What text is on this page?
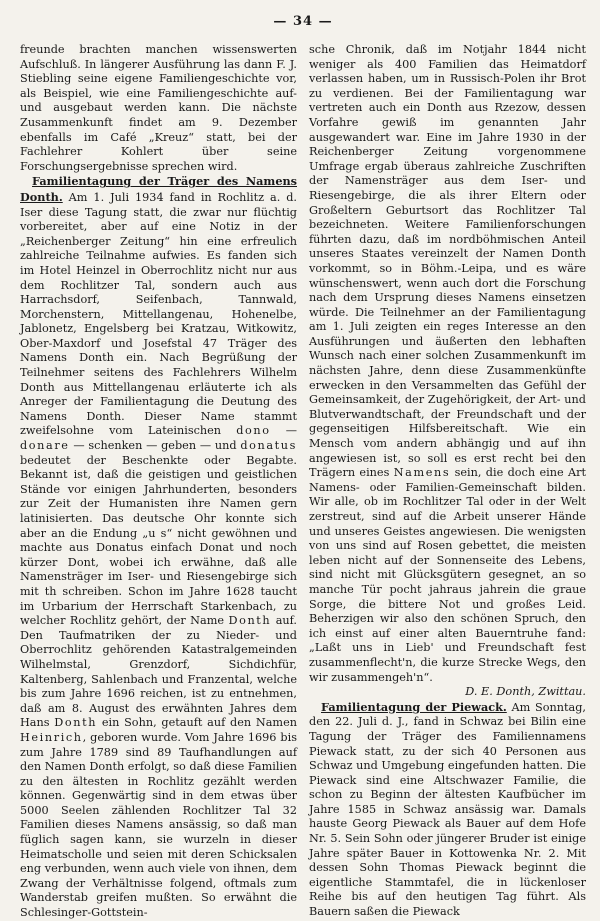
— 34 —

freunde brachten manchen wissenswerten Aufschluß. In längerer Ausführung las dann F. J. Stiebling seine eigene Familiengeschichte vor, als Beispiel, wie eine Familiengeschichte auf- und ausgebaut werden kann. Die nächste Zusammenkunft findet am 9. Dezember ebenfalls im Café „Kreuz“ statt, bei der Fachlehrer Kohlert über seine Forschungsergebnisse sprechen wird.

Familientagung der Träger des Namens Donth. Am 1. Juli 1934 fand in Rochlitz a. d. Iser diese Tagung statt, die zwar nur flüchtig vorbereitet, aber auf eine Notiz in der „Reichenberger Zeitung“ hin eine erfreulich zahlreiche Teilnahme aufwies. Es fanden sich im Hotel Heinzel in Oberrochlitz nicht nur aus dem Rochlitzer Tal, sondern auch aus Harrachsdorf, Seifenbach, Tannwald, Morchenstern, Mittellangenau, Hohenelbe, Jablonetz, Engelsberg bei Kratzau, Witkowitz, Ober-Maxdorf und Josefstal 47 Träger des Namens Donth ein. Nach Begrüßung der Teilnehmer seitens des Fachlehrers Wilhelm Donth aus Mittellangenau erläuterte ich als Anreger der Familientagung die Deutung des Namens Donth. Dieser Name stammt zweifelsohne vom Lateinischen dono — donare — schenken — geben — und donatus bedeutet der Beschenkte oder Begabte. Bekannt ist, daß die geistigen und geistlichen Stände vor einigen Jahrhunderten, besonders zur Zeit der Humanisten ihre Namen gern latinisierten. Das deutsche Ohr konnte sich aber an die Endung „u s“ nicht gewöhnen und machte aus Donatus einfach Donat und noch kürzer Dont, wobei ich erwähne, daß alle Namensträger im Iser- und Riesengebirge sich mit th schreiben. Schon im Jahre 1628 taucht im Urbarium der Herrschaft Starkenbach, zu welcher Rochlitz gehört, der Name Donth auf. Den Taufmatriken der zu Nieder- und Oberrochlitz gehörenden Katastralgemeinden Wilhelmstal, Grenzdorf, Sichdichfür, Kaltenberg, Sahlenbach und Franzental, welche bis zum Jahre 1696 reichen, ist zu entnehmen, daß am 8. August des erwähnten Jahres dem Hans Donth ein Sohn, getauft auf den Namen Heinrich, geboren wurde. Vom Jahre 1696 bis zum Jahre 1789 sind 89 Taufhandlungen auf den Namen Donth erfolgt, so daß diese Familien zu den ältesten in Rochlitz gezählt werden können. Gegenwärtig sind in dem etwas über 5000 Seelen zählenden Rochlitzer Tal 32 Familien dieses Namens ansässig, so daß man füglich sagen kann, sie wurzeln in dieser Heimatscholle und seien mit deren Schicksalen eng verbunden, wenn auch viele von ihnen, dem Zwang der Verhältnisse folgend, oftmals zum Wanderstab greifen mußten. So erwähnt die Schlesinger-Gottstein-

sche Chronik, daß im Notjahr 1844 nicht weniger als 400 Familien das Heimatdorf verlassen haben, um in Russisch-Polen ihr Brot zu verdienen. Bei der Familientagung war vertreten auch ein Donth aus Rzezow, dessen Vorfahre gewiß im genannten Jahr ausgewandert war. Eine im Jahre 1930 in der Reichenberger Zeitung vorgenommene Umfrage ergab überaus zahlreiche Zuschriften der Namensträger aus dem Iser- und Riesengebirge, die als ihrer Eltern oder Großeltern Geburtsort das Rochlitzer Tal bezeichneten. Weitere Familienforschungen führten dazu, daß im nordböhmischen Anteil unseres Staates vereinzelt der Namen Donth vorkommt, so in Böhm.-Leipa, und es wäre wünschenswert, wenn auch dort die Forschung nach dem Ursprung dieses Namens einsetzen würde. Die Teilnehmer an der Familientagung am 1. Juli zeigten ein reges Interesse an den Ausführungen und äußerten den lebhaften Wunsch nach einer solchen Zusammenkunft im nächsten Jahre, denn diese Zusammenkünfte erwecken in den Versammelten das Gefühl der Gemeinsamkeit, der Zugehörigkeit, der Art- und Blutverwandtschaft, der Freundschaft und der gegenseitigen Hilfsbereitschaft. Wie ein Mensch vom andern abhängig und auf ihn angewiesen ist, so soll es erst recht bei den Trägern eines Namens sein, die doch eine Art Namens- oder Familien-Gemeinschaft bilden. Wir alle, ob im Rochlitzer Tal oder in der Welt zerstreut, sind auf die Arbeit unserer Hände und unseres Geistes angewiesen. Die wenigsten von uns sind auf Rosen gebettet, die meisten leben nicht auf der Sonnenseite des Lebens, sind nicht mit Glücksgütern gesegnet, an so manche Tür pocht jahraus jahrein die graue Sorge, die bittere Not und großes Leid. Beherzigen wir also den schönen Spruch, den ich einst auf einer alten Bauerntruhe fand: „Laßt uns in Lieb' und Freundschaft fest zusammenflecht'n, die kurze Strecke Wegs, den wir zusammengeh'n“.

D. E. Donth, Zwittau.

Familientagung der Piewack. Am Sonntag, den 22. Juli d. J., fand in Schwaz bei Bilin eine Tagung der Träger des Familiennamens Piewack statt, zu der sich 40 Personen aus Schwaz und Umgebung eingefunden hatten. Die Piewack sind eine Altschwazer Familie, die schon zu Beginn der ältesten Kaufbücher im Jahre 1585 in Schwaz ansässig war. Damals hauste Georg Piewack als Bauer auf dem Hofe Nr. 5. Sein Sohn oder jüngerer Bruder ist einige Jahre später Bauer in Kottowenka Nr. 2. Mit dessen Sohn Thomas Piewack beginnt die eigentliche Stammtafel, die in lückenloser Reihe bis auf den heutigen Tag führt. Als Bauern saßen die Piewack
